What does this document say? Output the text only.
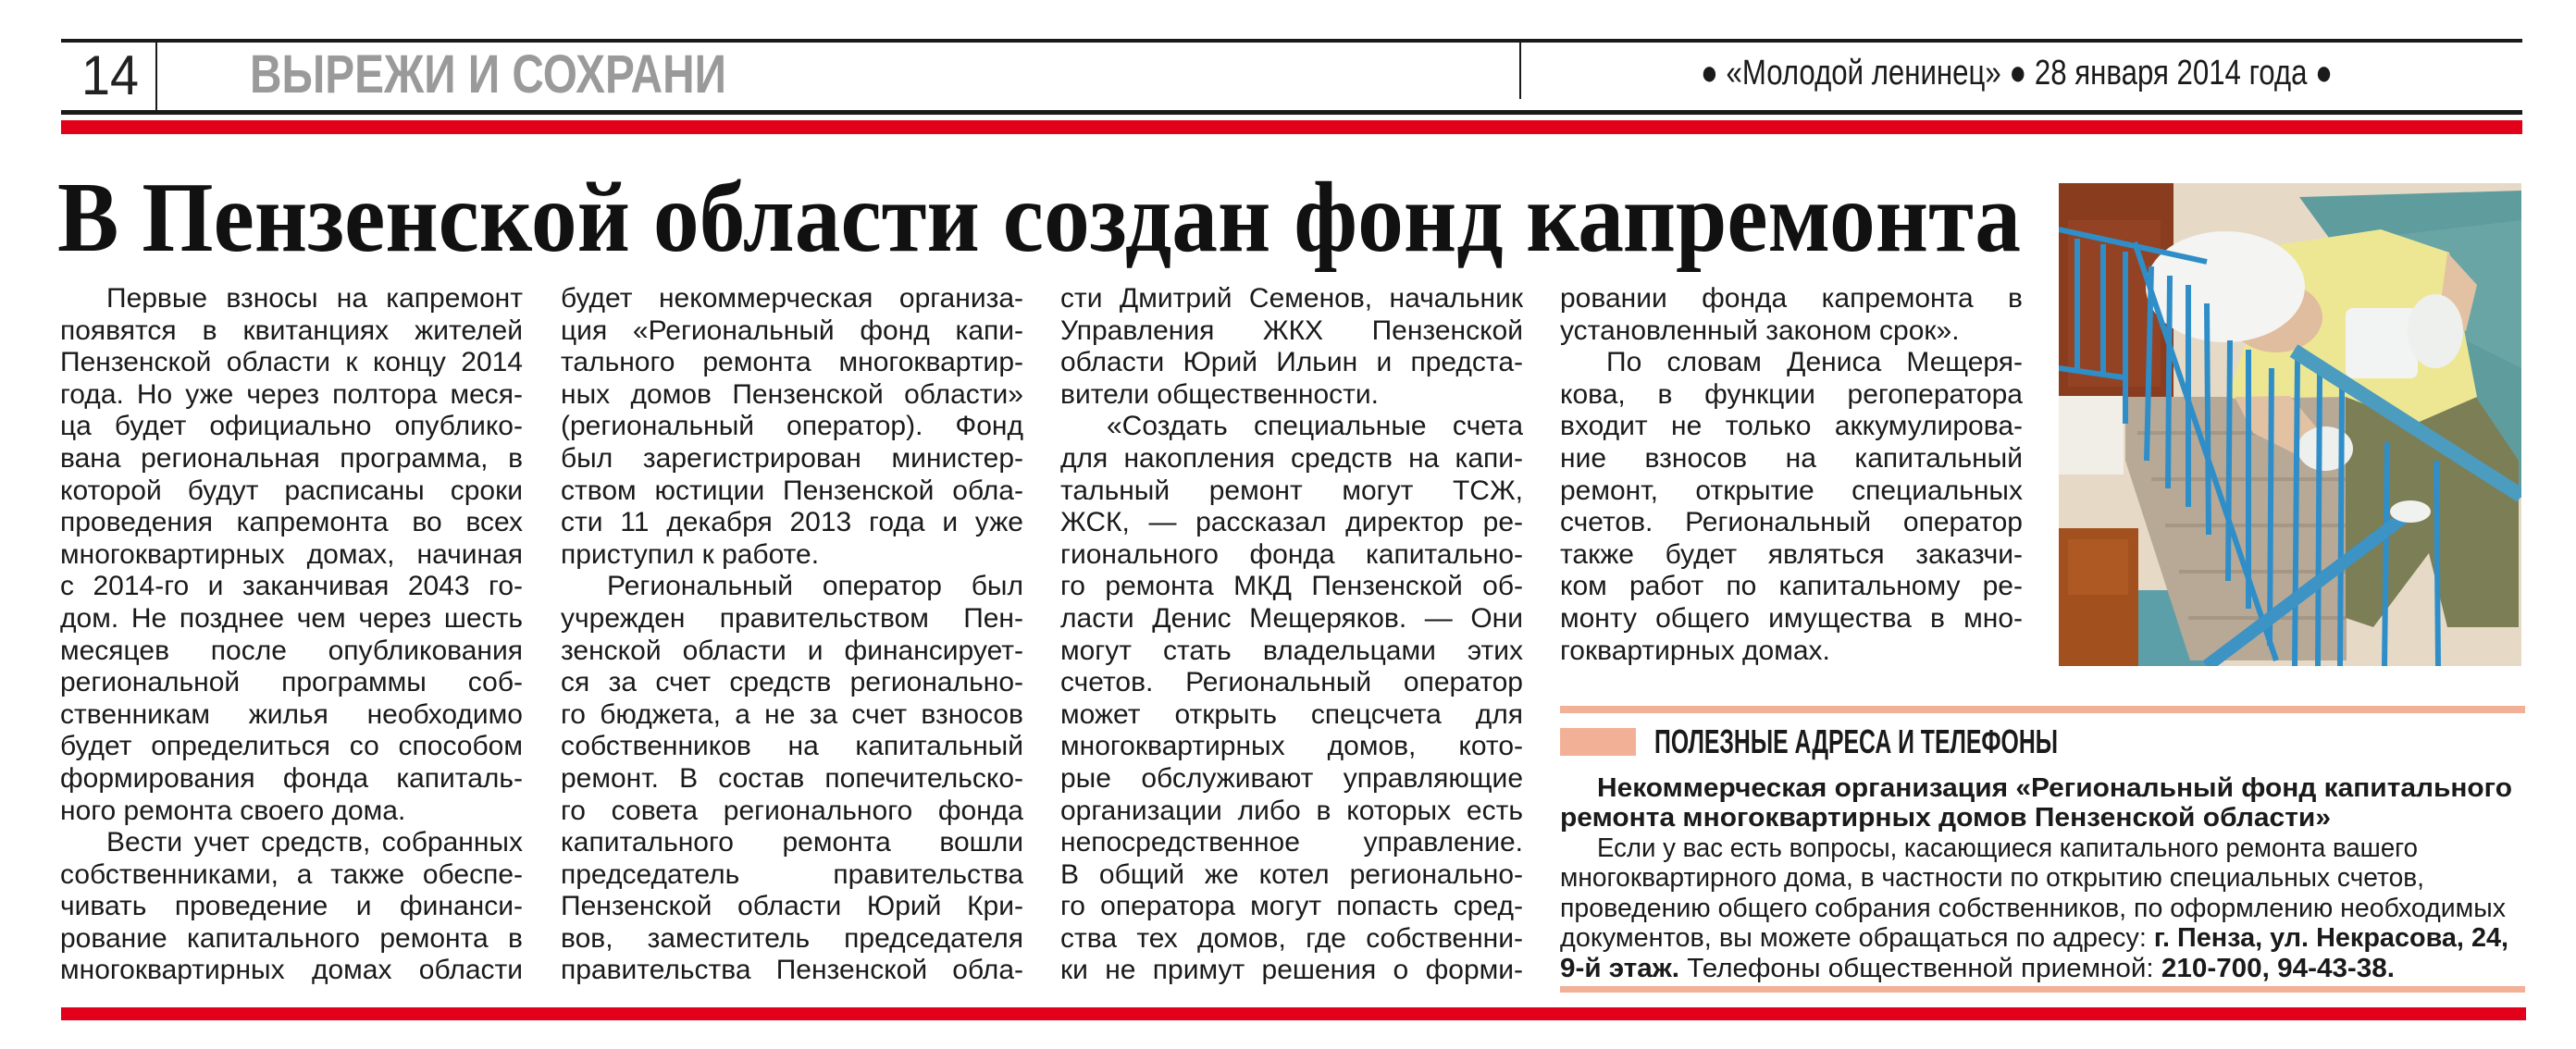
14 ВЫРЕЖИ И СОХРАНИ	● «Молодой ленинец» ● 28 января 2014 года ●
В Пензенской области создан фонд капремонта
Первые взносы на капремонт
появятся в квитанциях жителей
Пензенской области к концу 2014
года. Но уже через полтора меся-
ца будет официально опублико-
вана региональная программа, в
которой будут расписаны сроки
проведения капремонта во всех
многоквартирных домах, начиная
с 2014-го и заканчивая 2043 го-
дом. Не позднее чем через шесть
месяцев после опубликования
региональной программы соб-
ственникам жилья необходимо
будет определиться со способом
формирования фонда капиталь-
ного ремонта своего дома.
Вести учет средств, собранных
собственниками, а также обеспе-
чивать проведение и финанси-
рование капитального ремонта в
многоквартирных домах области
будет некоммерческая организа-
ция «Региональный фонд капи-
тального ремонта многоквартир-
ных домов Пензенской области»
(региональный оператор). Фонд
был зарегистрирован министер-
ством юстиции Пензенской обла-
сти 11 декабря 2013 года и уже
приступил к работе.
Региональный оператор был
учрежден правительством Пен-
зенской области и финансирует-
ся за счет средств регионально-
го бюджета, а не за счет взносов
собственников на капитальный
ремонт. В состав попечительско-
го совета регионального фонда
капитального ремонта вошли
председатель правительства
Пензенской области Юрий Кри-
вов, заместитель председателя
правительства Пензенской обла-
сти Дмитрий Семенов, начальник
Управления ЖКХ Пензенской
области Юрий Ильин и предста-
вители общественности.
«Создать специальные счета
для накопления средств на капи-
тальный ремонт могут ТСЖ,
ЖСК, — рассказал директор ре-
гионального фонда капитально-
го ремонта МКД Пензенской об-
ласти Денис Мещеряков. — Они
могут стать владельцами этих
счетов. Региональный оператор
может открыть спецсчета для
многоквартирных домов, кото-
рые обслуживают управляющие
организации либо в которых есть
непосредственное управление.
В общий же котел регионально-
го оператора могут попасть сред-
ства тех домов, где собственни-
ки не примут решения о форми-
ровании фонда капремонта в
установленный законом срок».
По словам Дениса Мещеря-
кова, в функции регоператора
входит не только аккумулирова-
ние взносов на капитальный
ремонт, открытие специальных
счетов. Региональный оператор
также будет являться заказчи-
ком работ по капитальному ре-
монту общего имущества в мно-
гоквартирных домах.
ПОЛЕЗНЫЕ АДРЕСА И ТЕЛЕФОНЫ
Некоммерческая организация «Региональный фонд капитального
ремонта многоквартирных домов Пензенской области»
Если у вас есть вопросы, касающиеся капитального ремонта вашего
многоквартирного дома, в частности по открытию специальных счетов,
проведению общего собрания собственников, по оформлению необходимых
документов, вы можете обращаться по адресу: г. Пенза, ул. Некрасова, 24,
9-й этаж. Телефоны общественной приемной: 210-700, 94-43-38.
